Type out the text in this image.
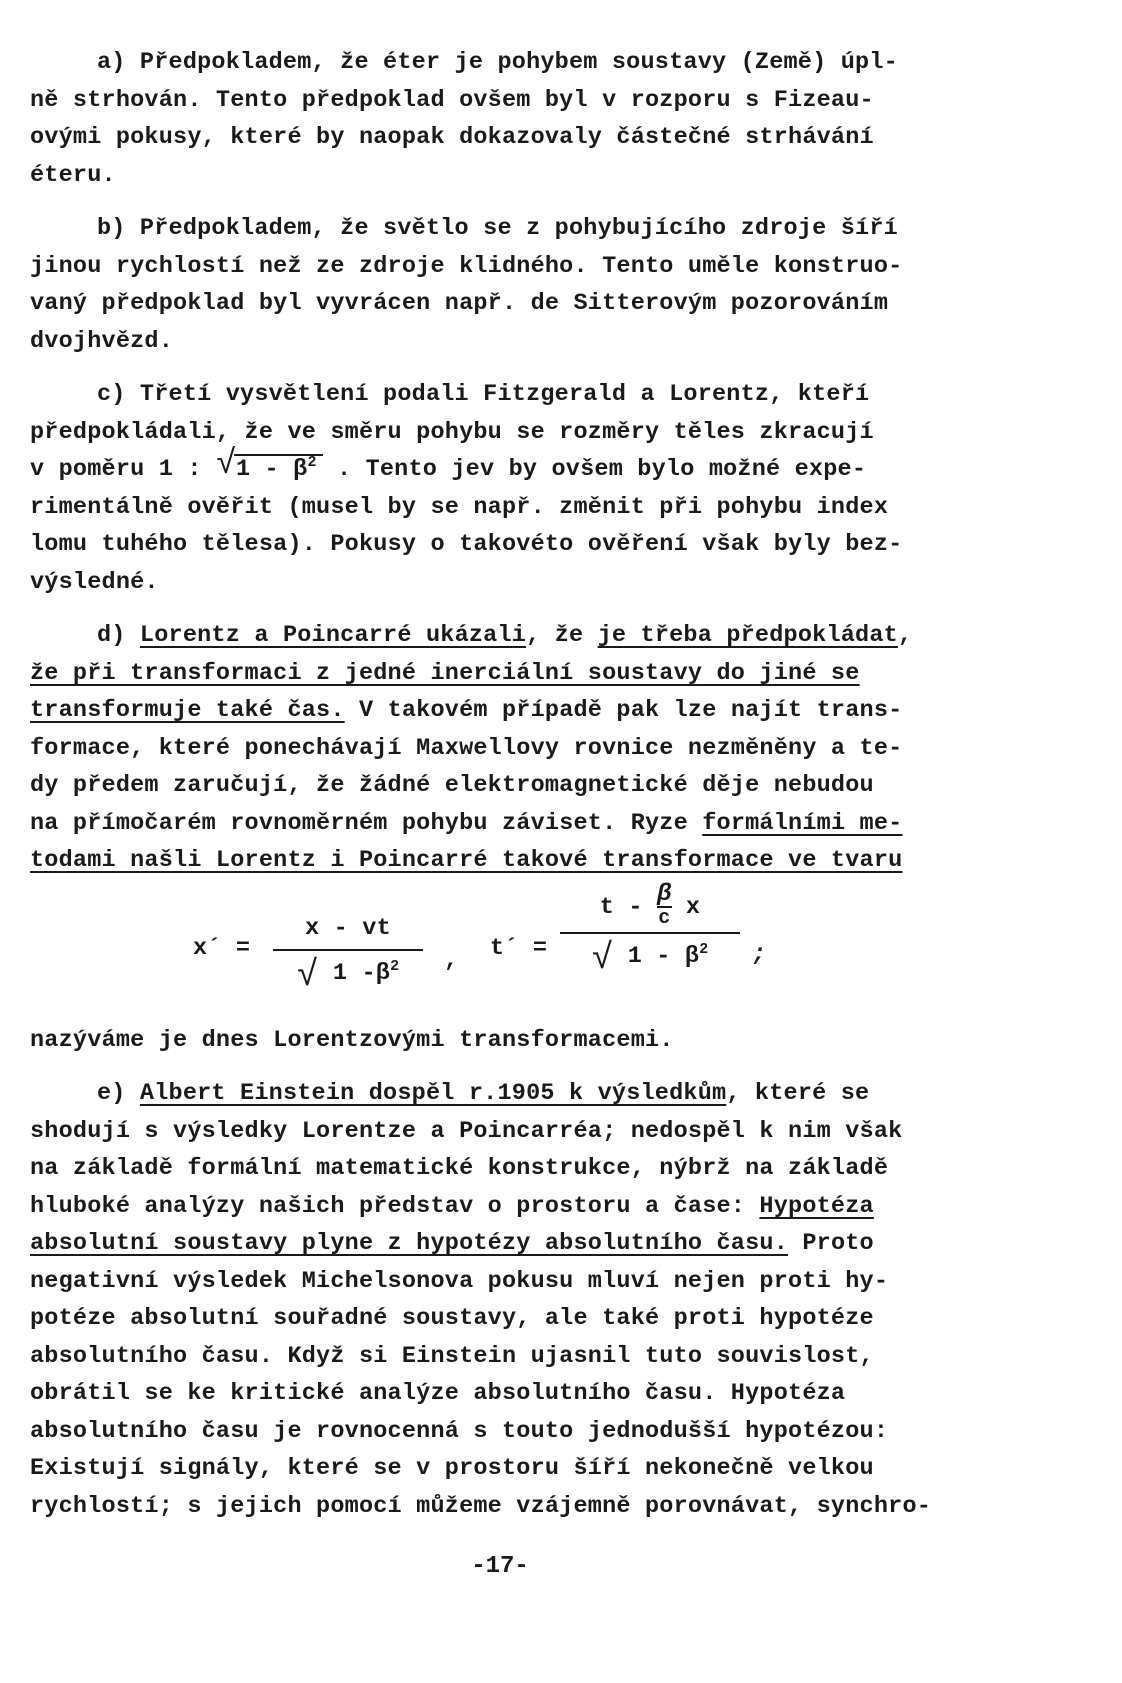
a) Předpokladem, že éter je pohybem soustavy (Země) úpl-
ně strhován. Tento předpoklad ovšem byl v rozporu s Fizeau-
ovými pokusy, které by naopak dokazovaly částečné strhávání
éteru.
b) Předpokladem, že světlo se z pohybujícího zdroje šíří
jinou rychlostí než ze zdroje klidného. Tento uměle konstruo-
vaný předpoklad byl vyvrácen např. de Sitterovým pozorováním
dvojhvězd.
c) Třetí vysvětlení podali Fitzgerald a Lorentz, kteří
předpokládali, že ve směru pohybu se rozměry těles zkracují
v poměru 1 : √ $1 - \beta^2$ . Tento jev by ovšem bylo možné expe-
rimentálně ověřit (musel by se např. změnit při pohybu index
lomu tuhého tělesa). Pokusy o takovéto ověření však byly bez-
výsledné.
d) Lorentz a Poincarré ukázali, že je třeba předpokládat,
že při transformaci z jedné inerciální soustavy do jiné se
transformuje také čas. V takovém případě pak lze najít trans-
formace, které ponechávají Maxwellovy rovnice nezměněny a te-
dy předem zaručují, že žádné elektromagnetické děje nebudou
na přímočarém rovnoměrném pohybu záviset. Ryze formálními me-
todami našli Lorentz i Poincarré takové transformace ve tvaru
x´ =
x - vt
√ 1 $-\beta^2$	, t´ =
t - $\frac{\beta}{c}$ x
√ $1 - \beta^2$	;
nazýváme je dnes Lorentzovými transformacemi.
e) Albert Einstein dospěl r.1905 k výsledkům, které se
shodují s výsledky Lorentze a Poincarréa; nedospěl k nim však
na základě formální matematické konstrukce, nýbrž na základě
hluboké analýzy našich představ o prostoru a čase: Hypotéza
absolutní soustavy plyne z hypotézy absolutního času. Proto
negativní výsledek Michelsonova pokusu mluví nejen proti hy-
potéze absolutní souřadné soustavy, ale také proti hypotéze
absolutního času. Když si Einstein ujasnil tuto souvislost,
obrátil se ke kritické analýze absolutního času. Hypotéza
absolutního času je rovnocenná s touto jednodušší hypotézou:
Existují signály, které se v prostoru šíří nekonečně velkou
rychlostí; s jejich pomocí můžeme vzájemně porovnávat, synchro-
-17-
